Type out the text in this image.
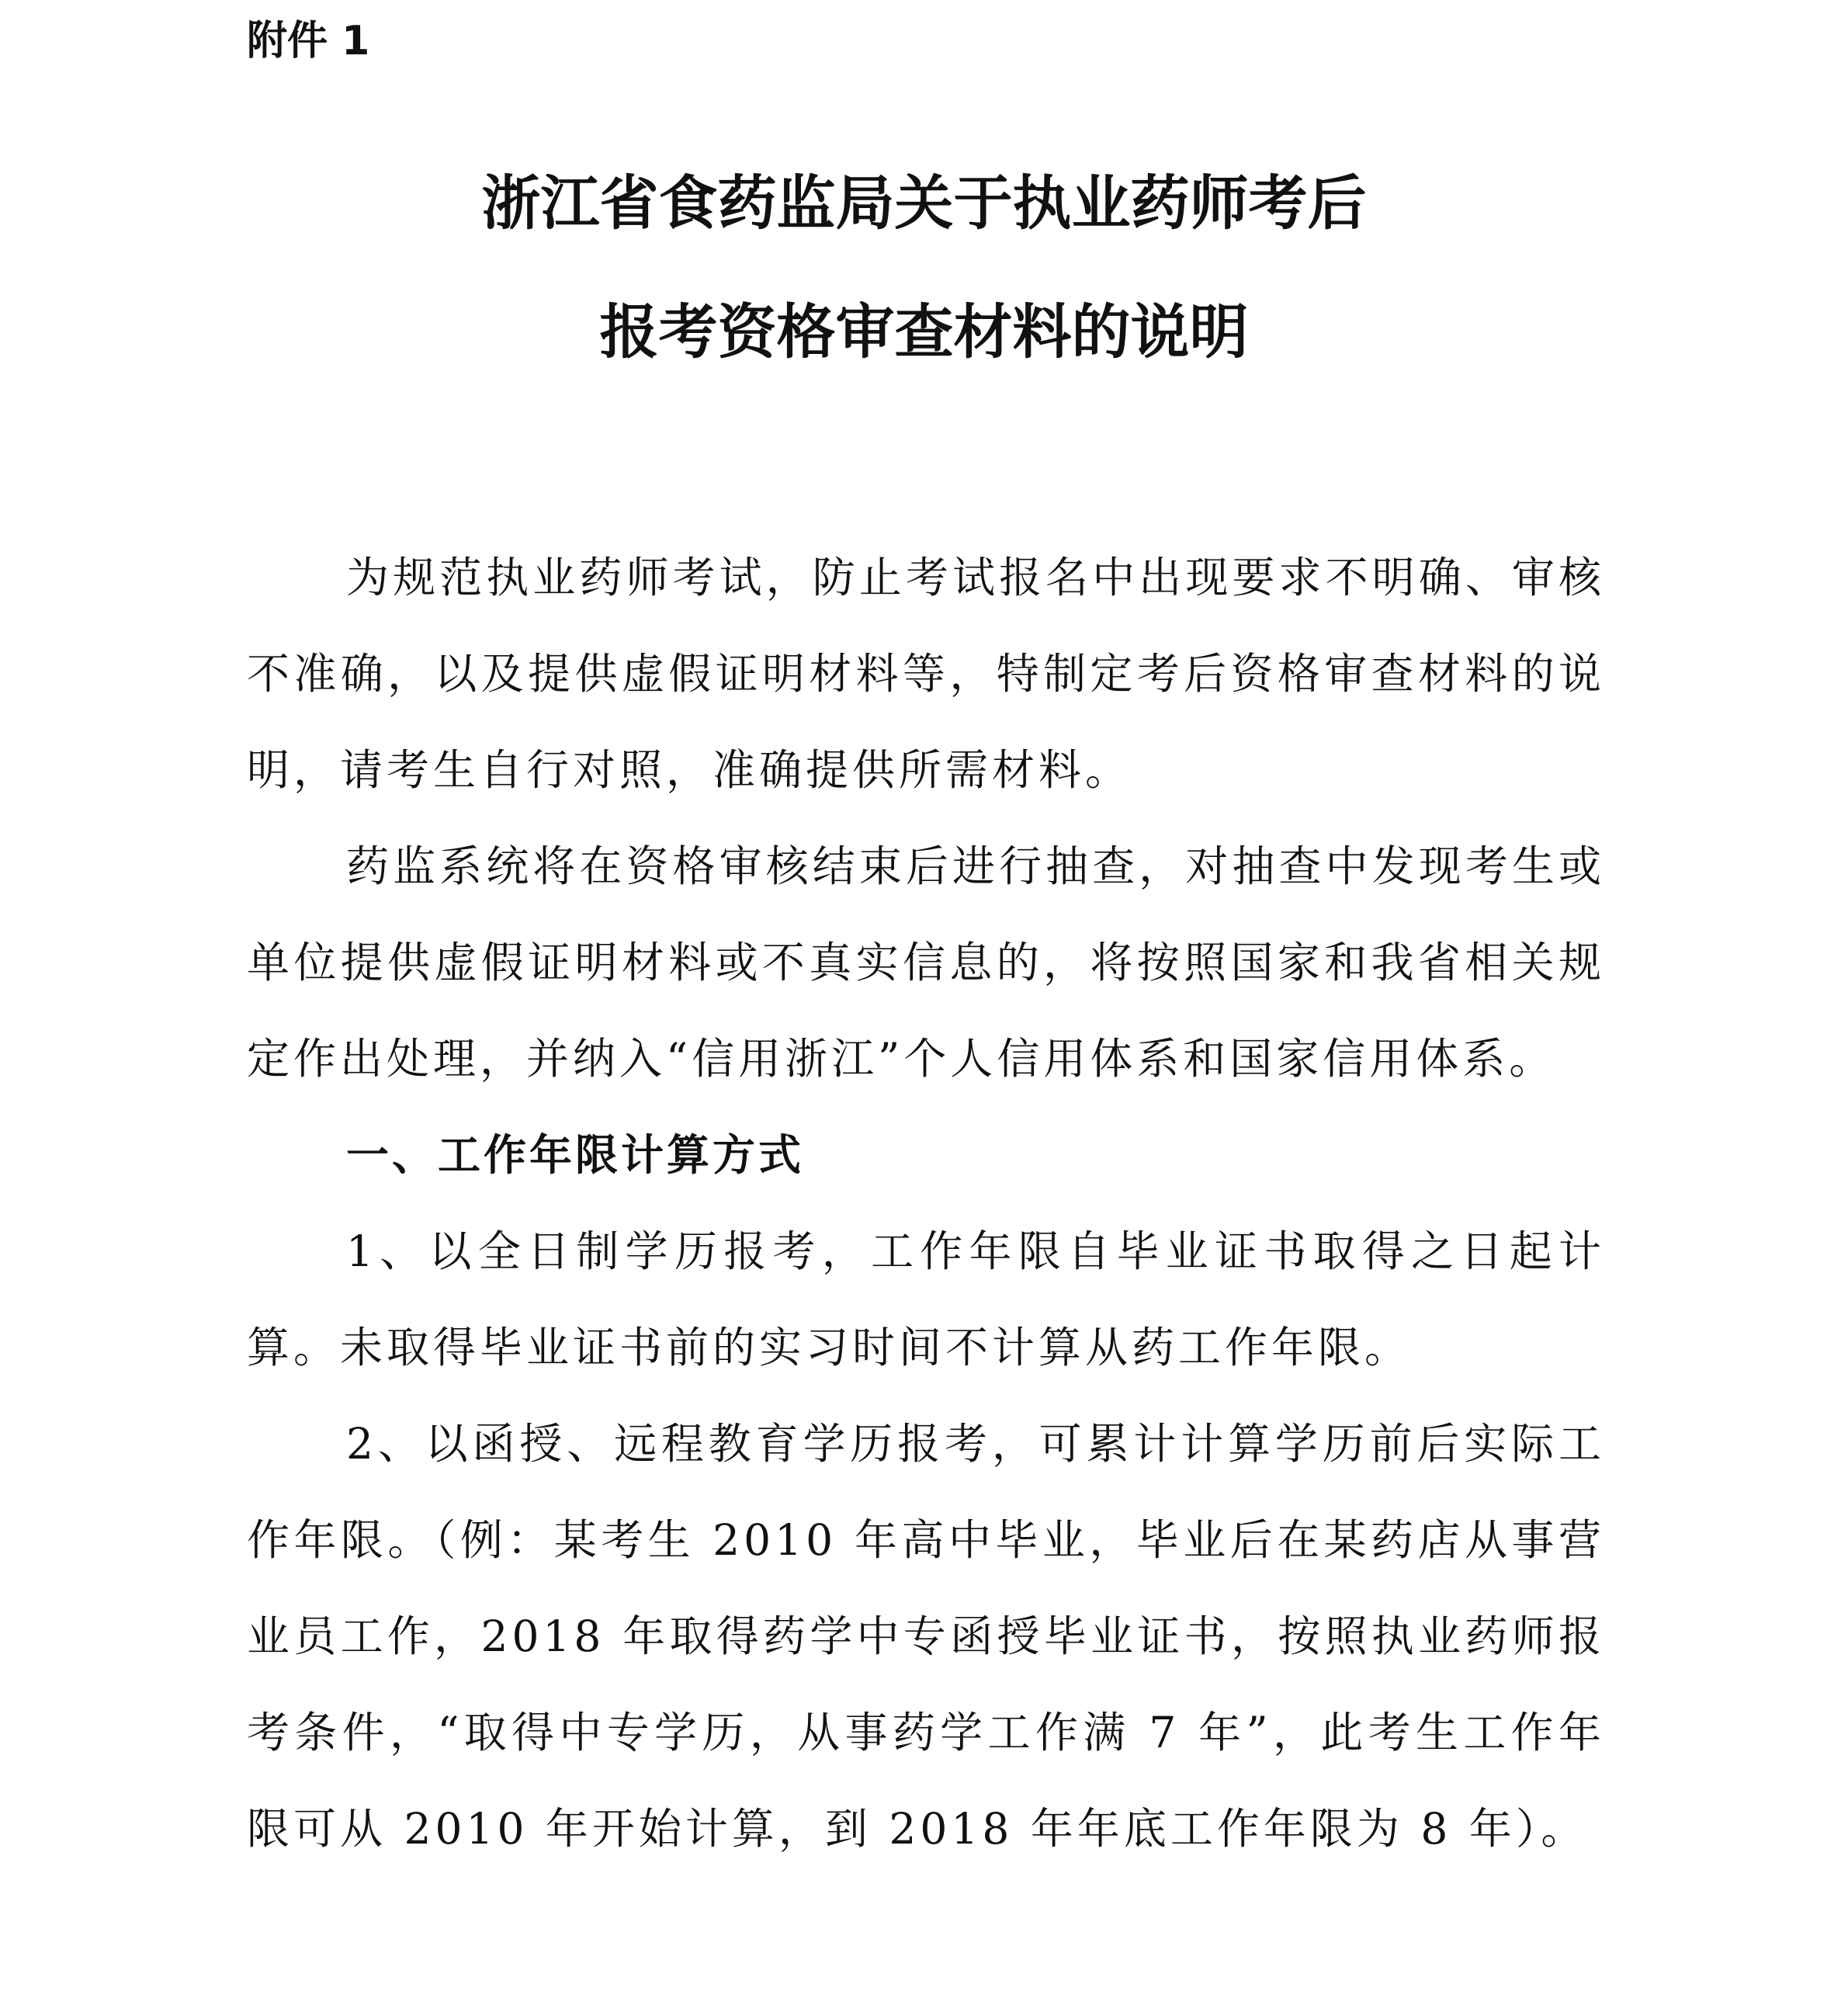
附件 1
浙江省食药监局关于执业药师考后
报考资格审查材料的说明

为规范执业药师考试，防止考试报名中出现要求不明确、审核不准确，以及提供虚假证明材料等，特制定考后资格审查材料的说明，请考生自行对照，准确提供所需材料。

药监系统将在资格审核结束后进行抽查，对抽查中发现考生或单位提供虚假证明材料或不真实信息的，将按照国家和我省相关规定作出处理，并纳入“信用浙江”个人信用体系和国家信用体系。

一、工作年限计算方式

1、以全日制学历报考，工作年限自毕业证书取得之日起计算。未取得毕业证书前的实习时间不计算从药工作年限。

2、以函授、远程教育学历报考，可累计计算学历前后实际工作年限。（例：某考生 2010 年高中毕业，毕业后在某药店从事营业员工作，2018 年取得药学中专函授毕业证书，按照执业药师报考条件，“取得中专学历，从事药学工作满 7 年”，此考生工作年限可从 2010 年开始计算，到 2018 年年底工作年限为 8 年）。
